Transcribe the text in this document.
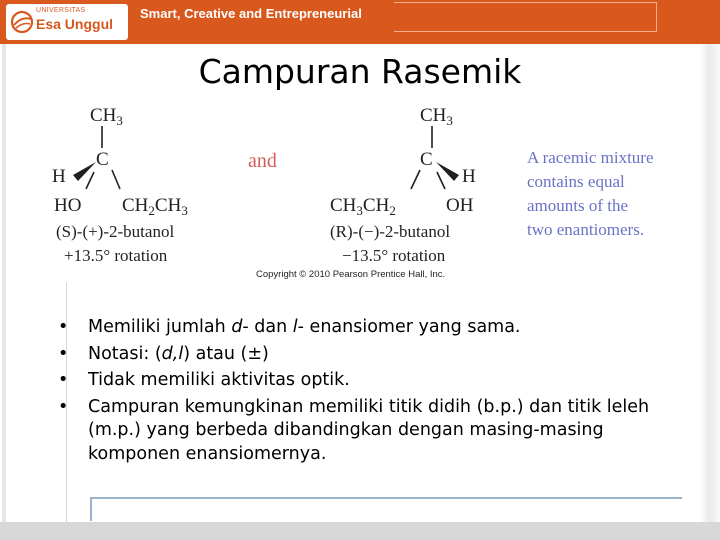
UNIVERSITAS
Esa Unggul
Smart, Creative and Entrepreneurial
Campuran Rasemik
$CH_3$
C
H
HO $CH_2CH_3$
(S)-(+)-2-butanol
+13.5° rotation
and
$CH_3$
C
H
$CH_3CH_2$	OH
(R)-(−)-2-butanol
−13.5° rotation
A racemic mixture
contains equal
amounts of the
two enantiomers.
Copyright © 2010 Pearson Prentice Hall, Inc.
• Memiliki jumlah d- dan l- enansiomer yang sama.
• Notasi: (d,l) atau (±)
• Tidak memiliki aktivitas optik.
• Campuran kemungkinan memiliki titik didih (b.p.) dan titik leleh (m.p.) yang berbeda dibandingkan dengan masing-masing komponen enansiomernya.
